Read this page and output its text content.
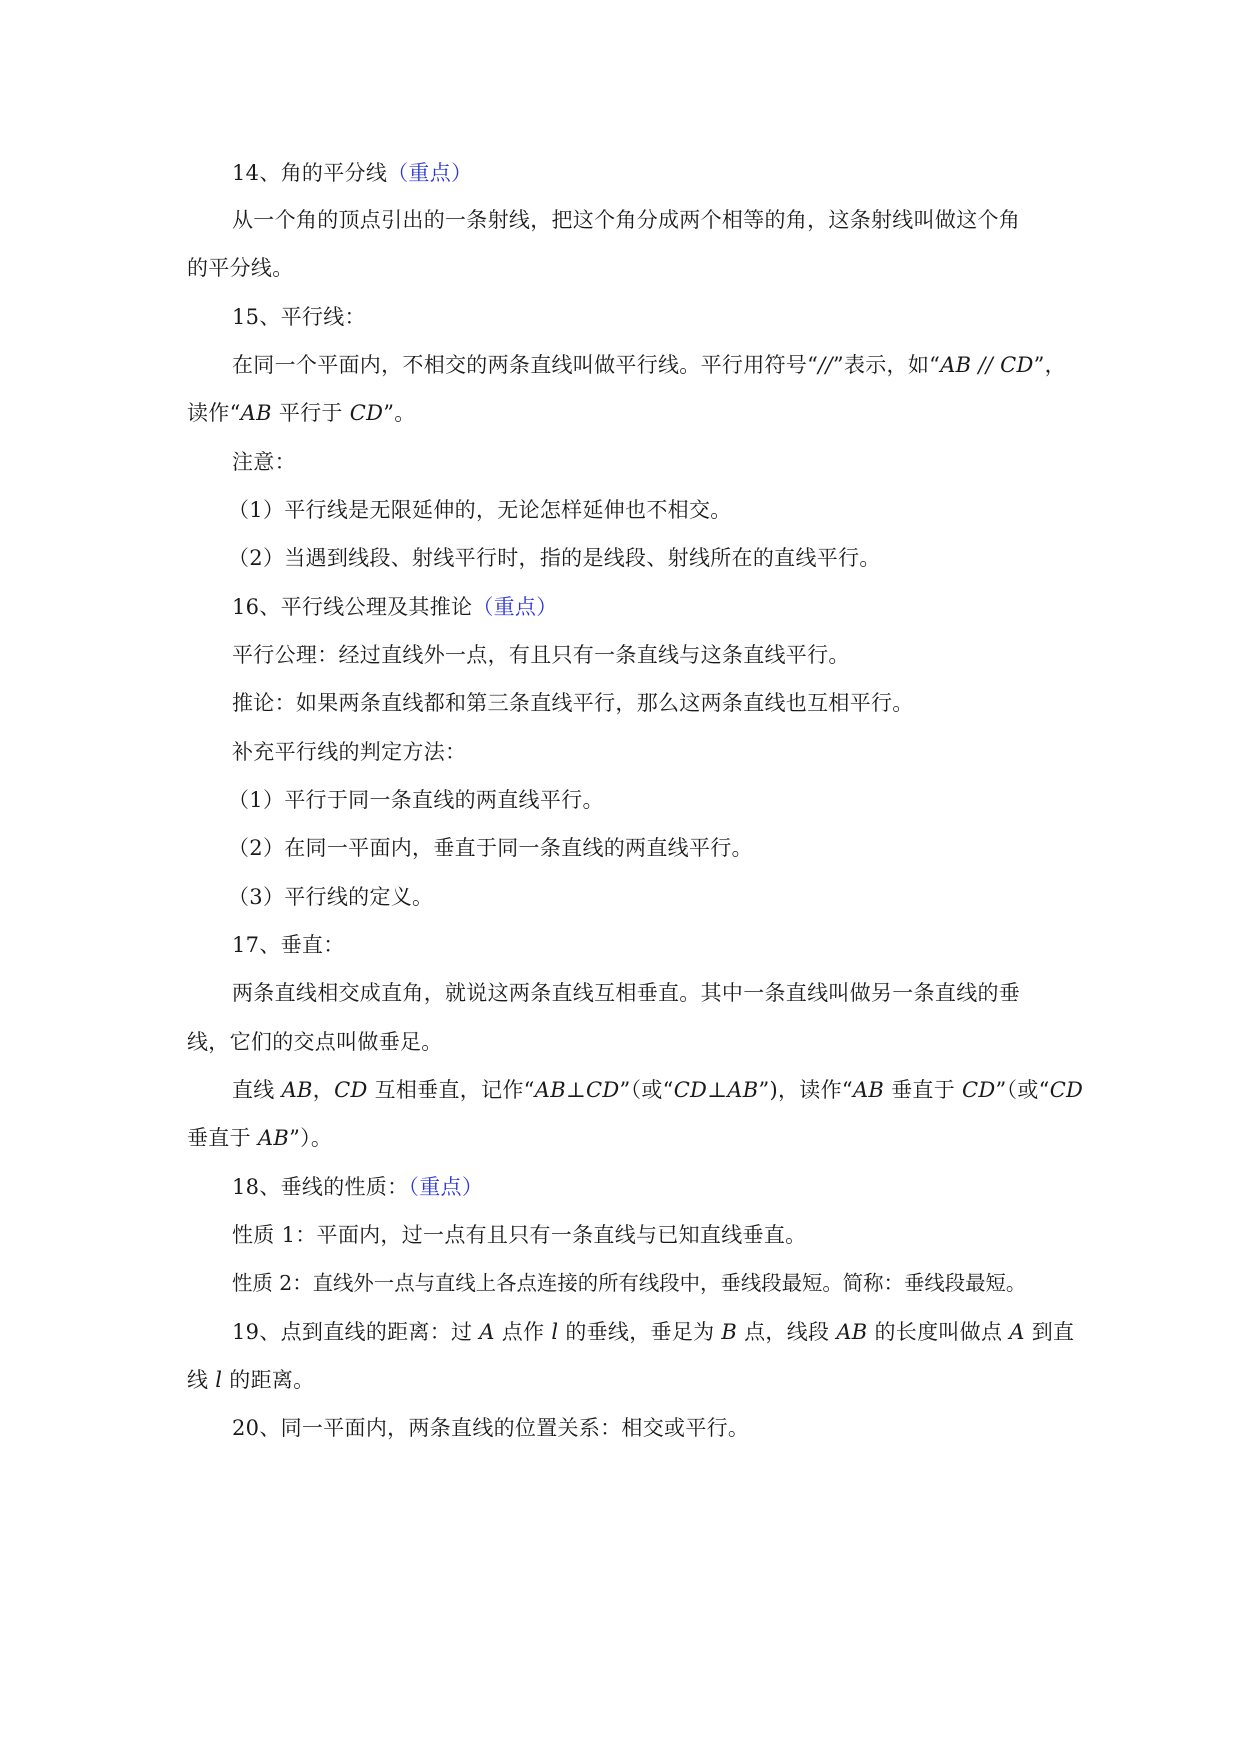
14、角的平分线（重点）

从一个角的顶点引出的一条射线，把这个角分成两个相等的角，这条射线叫做这个角

的平分线。

15、平行线：

在同一个平面内，不相交的两条直线叫做平行线。平行用符号“//”表示，如“AB // CD”，

读作“AB 平行于 CD”。

注意：

（1）平行线是无限延伸的，无论怎样延伸也不相交。

（2）当遇到线段、射线平行时，指的是线段、射线所在的直线平行。

16、平行线公理及其推论（重点）

平行公理：经过直线外一点，有且只有一条直线与这条直线平行。

推论：如果两条直线都和第三条直线平行，那么这两条直线也互相平行。

补充平行线的判定方法：

（1）平行于同一条直线的两直线平行。

（2）在同一平面内，垂直于同一条直线的两直线平行。

（3）平行线的定义。

17、垂直：

两条直线相交成直角，就说这两条直线互相垂直。其中一条直线叫做另一条直线的垂

线，它们的交点叫做垂足。

直线 AB，CD 互相垂直，记作“AB⊥CD”（或“CD⊥AB”)，读作“AB 垂直于 CD”（或“CD

垂直于 AB”）。

18、垂线的性质：（重点）

性质 1：平面内，过一点有且只有一条直线与已知直线垂直。

性质 2：直线外一点与直线上各点连接的所有线段中，垂线段最短。简称：垂线段最短。

19、点到直线的距离：过 A 点作 l 的垂线，垂足为 B 点，线段 AB 的长度叫做点 A 到直

线 l 的距离。

20、同一平面内，两条直线的位置关系：相交或平行。
